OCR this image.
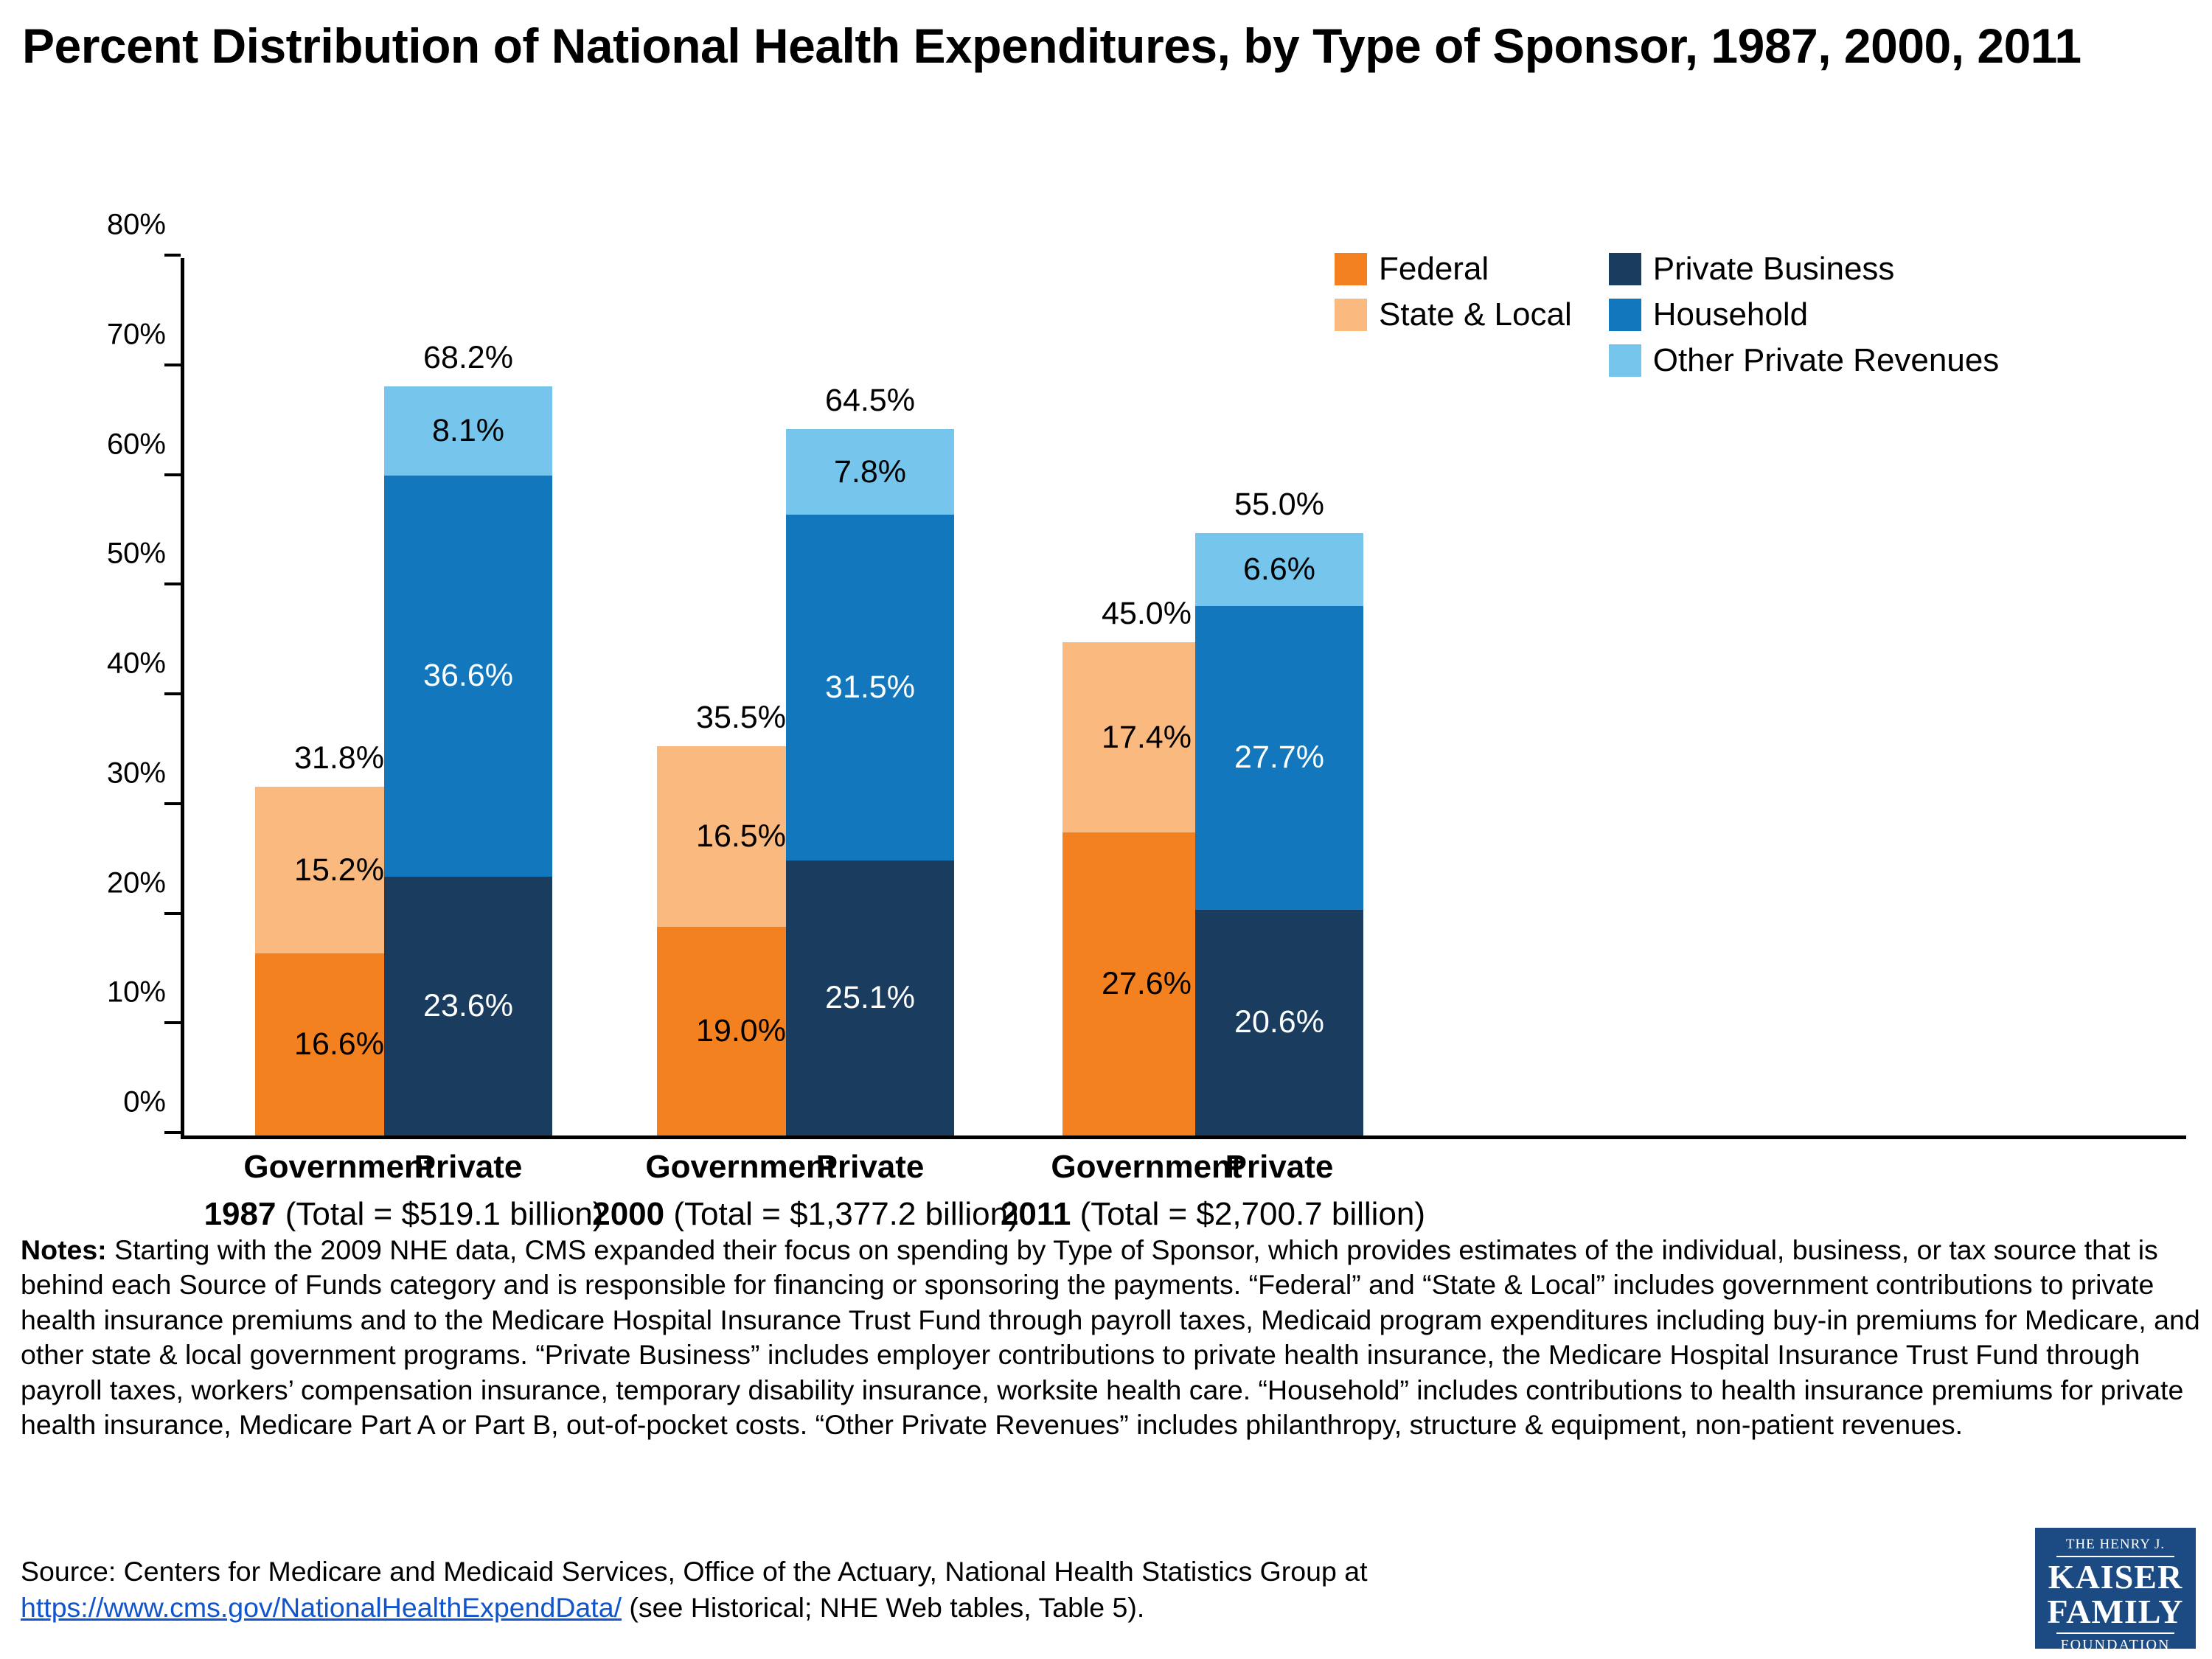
Percent Distribution of National Health Expenditures, by Type of Sponsor, 1987, 2000, 2011
0%
10%
20%
30%
40%
50%
60%
70%
80%
15.2%
16.6%
31.8%
8.1%
36.6%
23.6%
68.2%
16.5%
19.0%
35.5%
7.8%
31.5%
25.1%
64.5%
17.4%
27.6%
45.0%
6.6%
27.7%
20.6%
55.0%
Government
Private	Government
Private	Government
Private
1987 (Total = $519.1 billion)
2000 (Total = $1,377.2 billion)
2011 (Total = $2,700.7 billion)
Federal	Private Business
State & Local	Household
Other Private Revenues
Notes: Starting with the 2009 NHE data, CMS expanded their focus on spending by Type of Sponsor, which provides estimates of the individual, business, or tax source that is behind each Source of Funds category and is responsible for financing or sponsoring the payments. “Federal” and “State & Local” includes government contributions to private health insurance premiums and to the Medicare Hospital Insurance Trust Fund through payroll taxes, Medicaid program expenditures including buy-in premiums for Medicare, and other state & local government programs. “Private Business” includes employer contributions to private health insurance, the Medicare Hospital Insurance Trust Fund through payroll taxes, workers’ compensation insurance, temporary disability insurance, worksite health care. “Household” includes contributions to health insurance premiums for private health insurance, Medicare Part A or Part B, out-of-pocket costs. “Other Private Revenues” includes philanthropy, structure & equipment, non-patient revenues.
Source: Centers for Medicare and Medicaid Services, Office of the Actuary, National Health Statistics Group at
https://www.cms.gov/NationalHealthExpendData/ (see Historical; NHE Web tables, Table 5).
THE HENRY J.
KAISER
FAMILY
FOUNDATION
